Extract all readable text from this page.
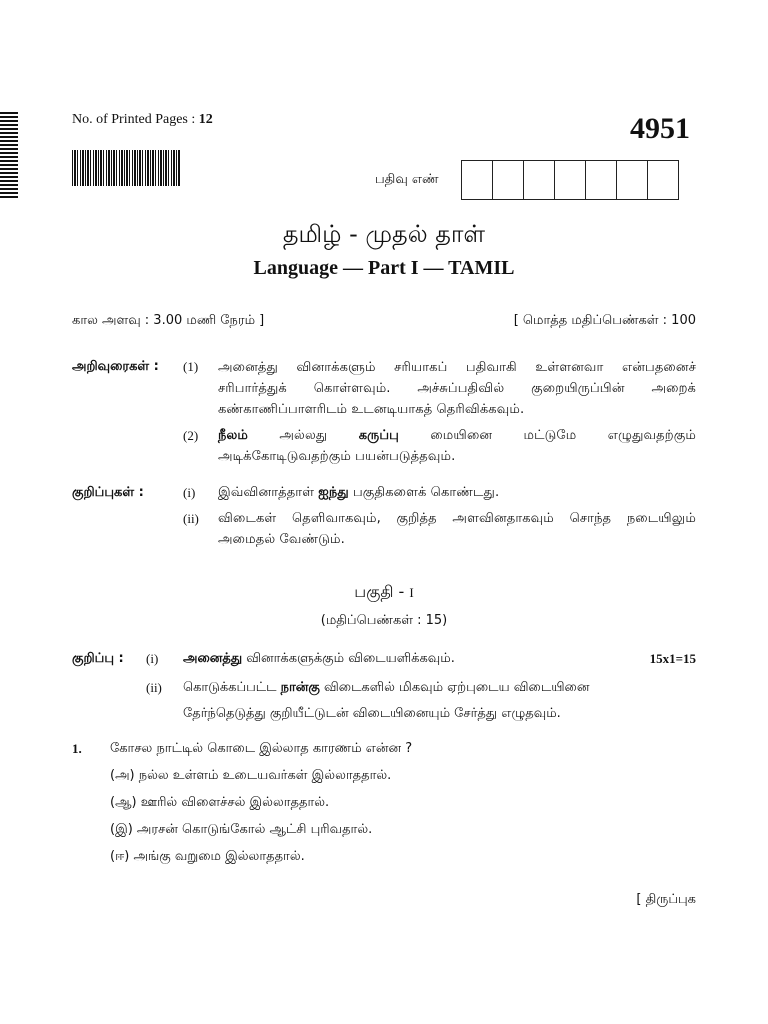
No. of Printed Pages : 12	4951
பதிவு எண்
தமிழ் - முதல் தாள்
Language — Part I — TAMIL
கால அளவு : 3.00 மணி நேரம் ]	[ மொத்த மதிப்பெண்கள் : 100
அறிவுரைகள் : (1) அனைத்து வினாக்களும் சரியாகப் பதிவாகி உள்ளனவா என்பதனைச் சரிபார்த்துக் கொள்ளவும். அச்சுப்பதிவில் குறையிருப்பின் அறைக் கண்காணிப்பாளரிடம் உடனடியாகத் தெரிவிக்கவும்.
(2) நீலம் அல்லது கருப்பு மையினை மட்டுமே எழுதுவதற்கும் அடிக்கோடிடுவதற்கும் பயன்படுத்தவும்.
குறிப்புகள் :	(i) இவ்வினாத்தாள் ஐந்து பகுதிகளைக் கொண்டது.
(ii) விடைகள் தெளிவாகவும், குறித்த அளவினதாகவும் சொந்த நடையிலும் அமைதல் வேண்டும்.
பகுதி - I
(மதிப்பெண்கள் : 15)
குறிப்பு : (i) அனைத்து வினாக்களுக்கும் விடையளிக்கவும்.	15x1=15
(ii) கொடுக்கப்பட்ட நான்கு விடைகளில் மிகவும் ஏற்புடைய விடையினை
தேர்ந்தெடுத்து குறியீட்டுடன் விடையினையும் சேர்த்து எழுதவும்.
1. கோசல நாட்டில் கொடை இல்லாத காரணம் என்ன ?
(அ) நல்ல உள்ளம் உடையவர்கள் இல்லாததால்.
(ஆ) ஊரில் விளைச்சல் இல்லாததால்.
(இ) அரசன் கொடுங்கோல் ஆட்சி புரிவதால்.
(ஈ) அங்கு வறுமை இல்லாததால்.
[ திருப்புக
